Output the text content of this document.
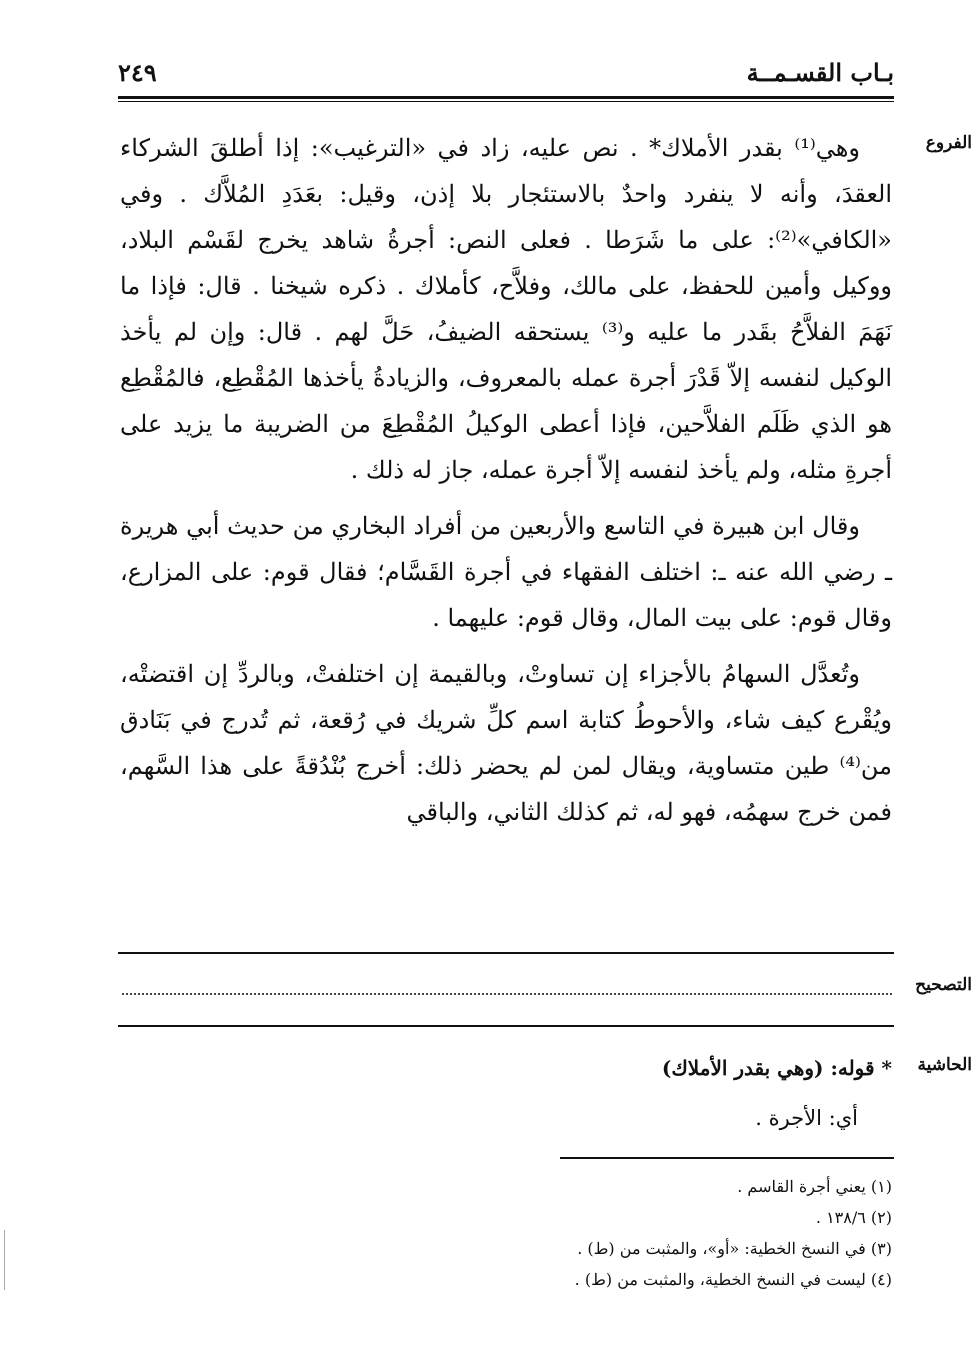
بـاب القسـمــة
٢٤٩
الفروع

وهي⁽¹⁾ بقدر الأملاك* . نص عليه، زاد في «الترغيب»: إذا أطلقَ الشركاء العقدَ، وأنه لا ينفرد واحدٌ بالاستئجار بلا إذن، وقيل: بعَدَدِ المُلاَّك . وفي «الكافي»⁽²⁾: على ما شَرَطا . فعلى النص: أجرةُ شاهد يخرج لقَسْم البلاد، ووكيل وأمين للحفظ، على مالك، وفلاَّح، كأملاك . ذكره شيخنا . قال: فإذا ما نَهَمَ الفلاَّحُ بقَدر ما عليه و⁽³⁾ يستحقه الضيفُ، حَلَّ لهم . قال: وإن لم يأخذ الوكيل لنفسه إلاّ قَدْرَ أجرة عمله بالمعروف، والزيادةُ يأخذها المُقْطِع، فالمُقْطِع هو الذي ظَلَم الفلاَّحين، فإذا أعطى الوكيلُ المُقْطِعَ من الضريبة ما يزيد على أجرةِ مثله، ولم يأخذ لنفسه إلاّ أجرة عمله، جاز له ذلك .

وقال ابن هبيرة في التاسع والأربعين من أفراد البخاري من حديث أبي هريرة ـ رضي الله عنه ـ: اختلف الفقهاء في أجرة القَسَّام؛ فقال قوم: على المزارع، وقال قوم: على بيت المال، وقال قوم: عليهما .

وتُعدَّل السهامُ بالأجزاء إن تساوتْ، وبالقيمة إن اختلفتْ، وبالردِّ إن اقتضتْه، ويُقْرع كيف شاء، والأحوطُ كتابة اسم كلِّ شريك في رُقعة، ثم تُدرج في بَنَادق من⁽⁴⁾ طين متساوية، ويقال لمن لم يحضر ذلك: أخرج بُنْدُقةً على هذا السَّهم، فمن خرج سهمُه، فهو له، ثم كذلك الثاني، والباقي

التصحيح
الحاشية
* قوله: (وهي بقدر الأملاك)
أي: الأجرة .
(١) يعني أجرة القاسم .
(٢) ١٣٨/٦ .
(٣) في النسخ الخطية: «أو»، والمثبت من (ط) .
(٤) ليست في النسخ الخطية، والمثبت من (ط) .
